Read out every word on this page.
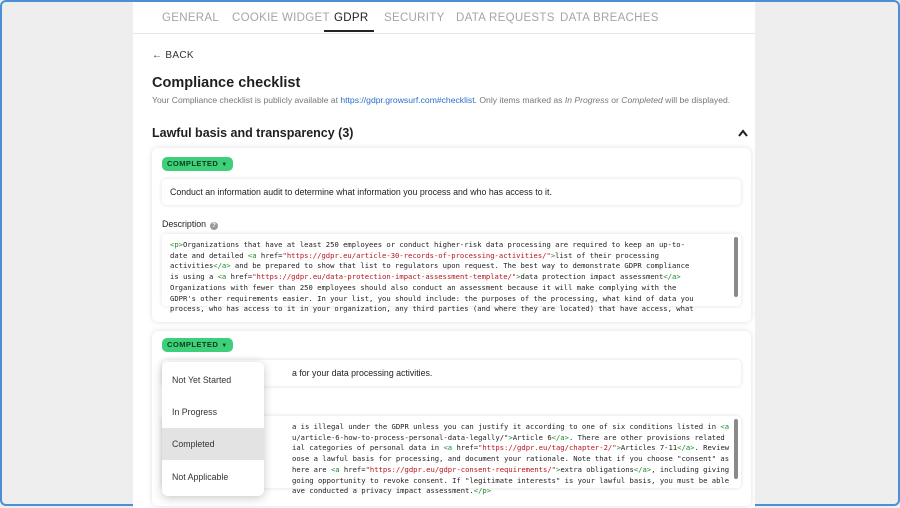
GENERAL COOKIE WIDGET GDPR SECURITY DATA REQUESTS DATA BREACHES
← BACK
Compliance checklist
Your Compliance checklist is publicly available at https://gdpr.growsurf.com#checklist. Only items marked as In Progress or Completed will be displayed.
Lawful basis and transparency (3)
COMPLETED ▼
Conduct an information audit to determine what information you process and who has access to it.
Description ?
<p>Organizations that have at least 250 employees or conduct higher-risk data processing are required to keep an up-to-
date and detailed <a href="https://gdpr.eu/article-30-records-of-processing-activities/">list of their processing
activities</a> and be prepared to show that list to regulators upon request. The best way to demonstrate GDPR compliance
is using a <a href="https://gdpr.eu/data-protection-impact-assessment-template/">data protection impact assessment</a>
Organizations with fewer than 250 employees should also conduct an assessment because it will make complying with the
GDPR's other requirements easier. In your list, you should include: the purposes of the processing, what kind of data you
process, who has access to it in your organization, any third parties (and where they are located) that have access, what
COMPLETED ▼
a for your data processing activities.
a is illegal under the GDPR unless you can justify it according to one of six conditions listed in <a
u/article-6-how-to-process-personal-data-legally/">Article 6</a>. There are other provisions related
ial categories of personal data in <a href="https://gdpr.eu/tag/chapter-2/">Articles 7-11</a>. Review
oose a lawful basis for processing, and document your rationale. Note that if you choose "consent" as
here are <a href="https://gdpr.eu/gdpr-consent-requirements/">extra obligations</a>, including giving
going opportunity to revoke consent. If "legitimate interests" is your lawful basis, you must be able
ave conducted a privacy impact assessment.</p>
Not Yet Started
In Progress
Completed
Not Applicable
